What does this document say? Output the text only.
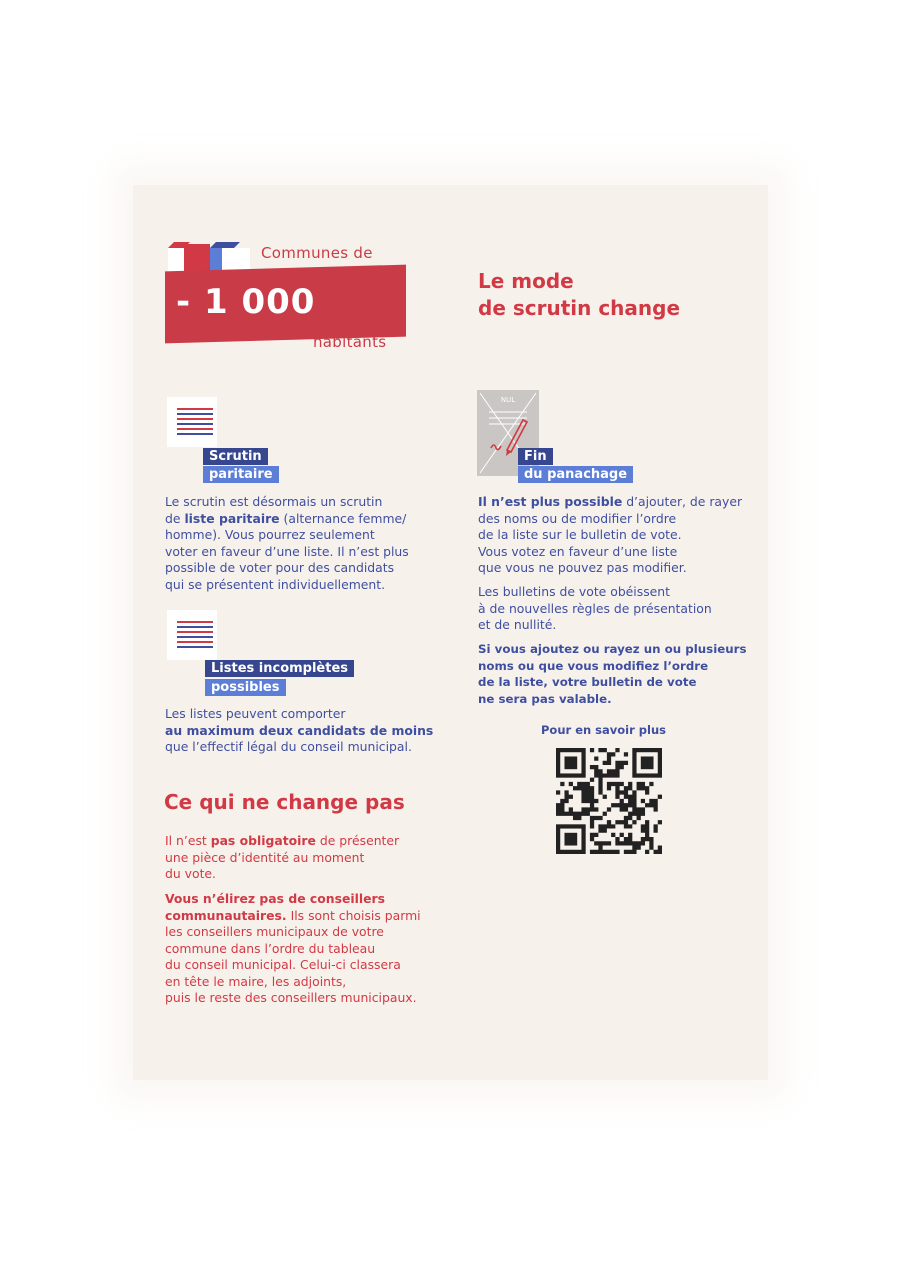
- 1 000
Communes de
habitants
Le mode
de scrutin change
Scrutin
paritaire
Le scrutin est désormais un scrutin
de liste paritaire (alternance femme/
homme). Vous pourrez seulement
voter en faveur d’une liste. Il n’est plus
possible de voter pour des candidats
qui se présentent individuellement.
Listes incomplètes
possibles
Les listes peuvent comporter
au maximum deux candidats de moins
que l’effectif légal du conseil municipal.
NUL
Fin
du panachage
Il n’est plus possible d’ajouter, de rayer
des noms ou de modifier l’ordre
de la liste sur le bulletin de vote.
Vous votez en faveur d’une liste
que vous ne pouvez pas modifier.
Les bulletins de vote obéissent
à de nouvelles règles de présentation
et de nullité.
Si vous ajoutez ou rayez un ou plusieurs
noms ou que vous modifiez l’ordre
de la liste, votre bulletin de vote
ne sera pas valable.
Pour en savoir plus
Ce qui ne change pas
Il n’est pas obligatoire de présenter
une pièce d’identité au moment
du vote.
Vous n’élirez pas de conseillers
communautaires. Ils sont choisis parmi
les conseillers municipaux de votre
commune dans l’ordre du tableau
du conseil municipal. Celui-ci classera
en tête le maire, les adjoints,
puis le reste des conseillers municipaux.
